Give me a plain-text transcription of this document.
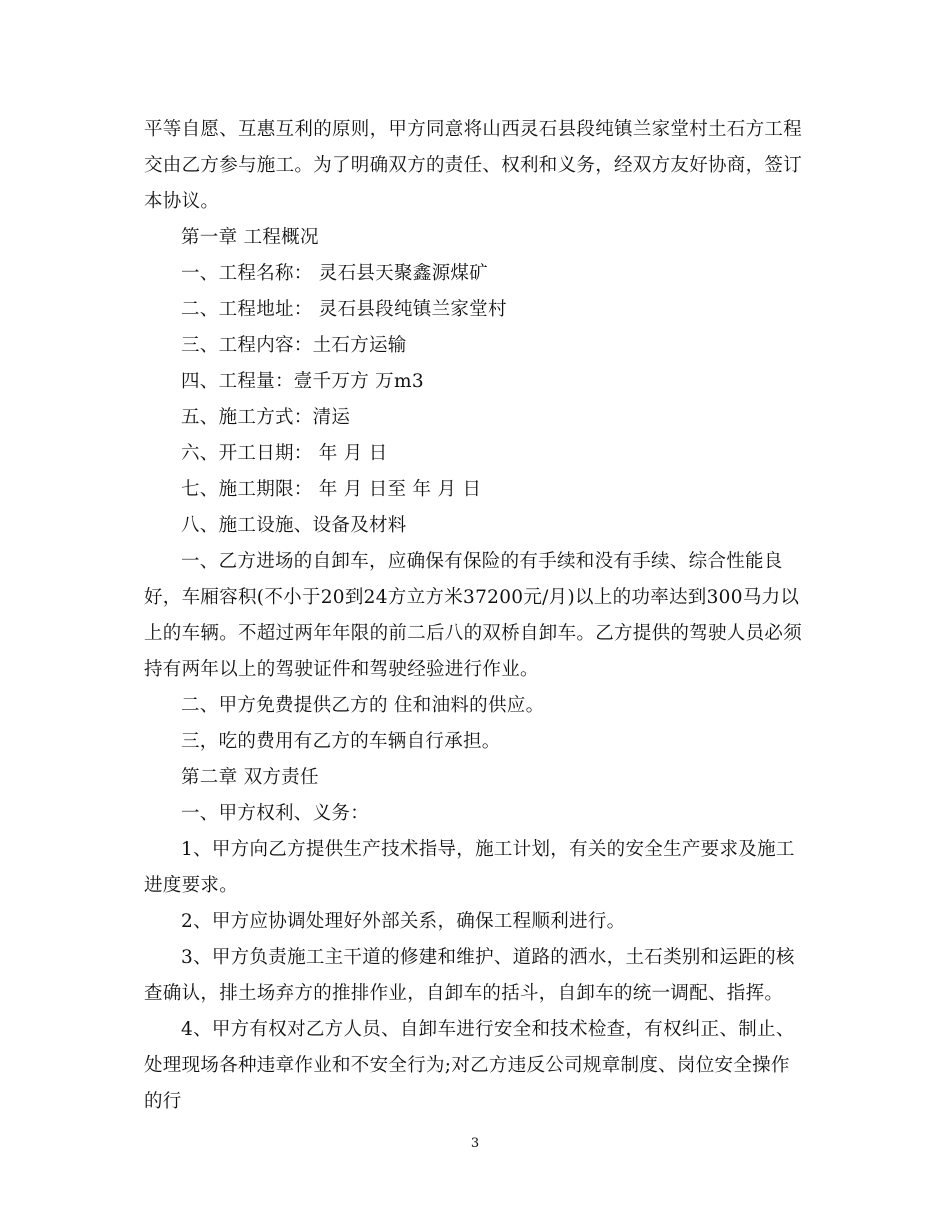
平等自愿、互惠互利的原则，甲方同意将山西灵石县段纯镇兰家堂村土石方工程交由乙方参与施工。为了明确双方的责任、权利和义务，经双方友好协商，签订本协议。

第一章 工程概况

一、工程名称： 灵石县天聚鑫源煤矿

二、工程地址： 灵石县段纯镇兰家堂村

三、工程内容：土石方运输

四、工程量：壹千万方 万m3

五、施工方式：清运

六、开工日期： 年 月 日

七、施工期限： 年 月 日至 年 月 日

八、施工设施、设备及材料

一、乙方进场的自卸车，应确保有保险的有手续和没有手续、综合性能良好，车厢容积(不小于20到24方立方米37200元/月)以上的功率达到300马力以上的车辆。不超过两年年限的前二后八的双桥自卸车。乙方提供的驾驶人员必须持有两年以上的驾驶证件和驾驶经验进行作业。

二、甲方免费提供乙方的 住和油料的供应。

三，吃的费用有乙方的车辆自行承担。

第二章 双方责任

一、甲方权利、义务：

1、甲方向乙方提供生产技术指导，施工计划，有关的安全生产要求及施工进度要求。

2、甲方应协调处理好外部关系，确保工程顺利进行。

3、甲方负责施工主干道的修建和维护、道路的洒水，土石类别和运距的核查确认，排土场弃方的推排作业，自卸车的括斗，自卸车的统一调配、指挥。

4、甲方有权对乙方人员、自卸车进行安全和技术检查，有权纠正、制止、处理现场各种违章作业和不安全行为;对乙方违反公司规章制度、岗位安全操作的行

3
